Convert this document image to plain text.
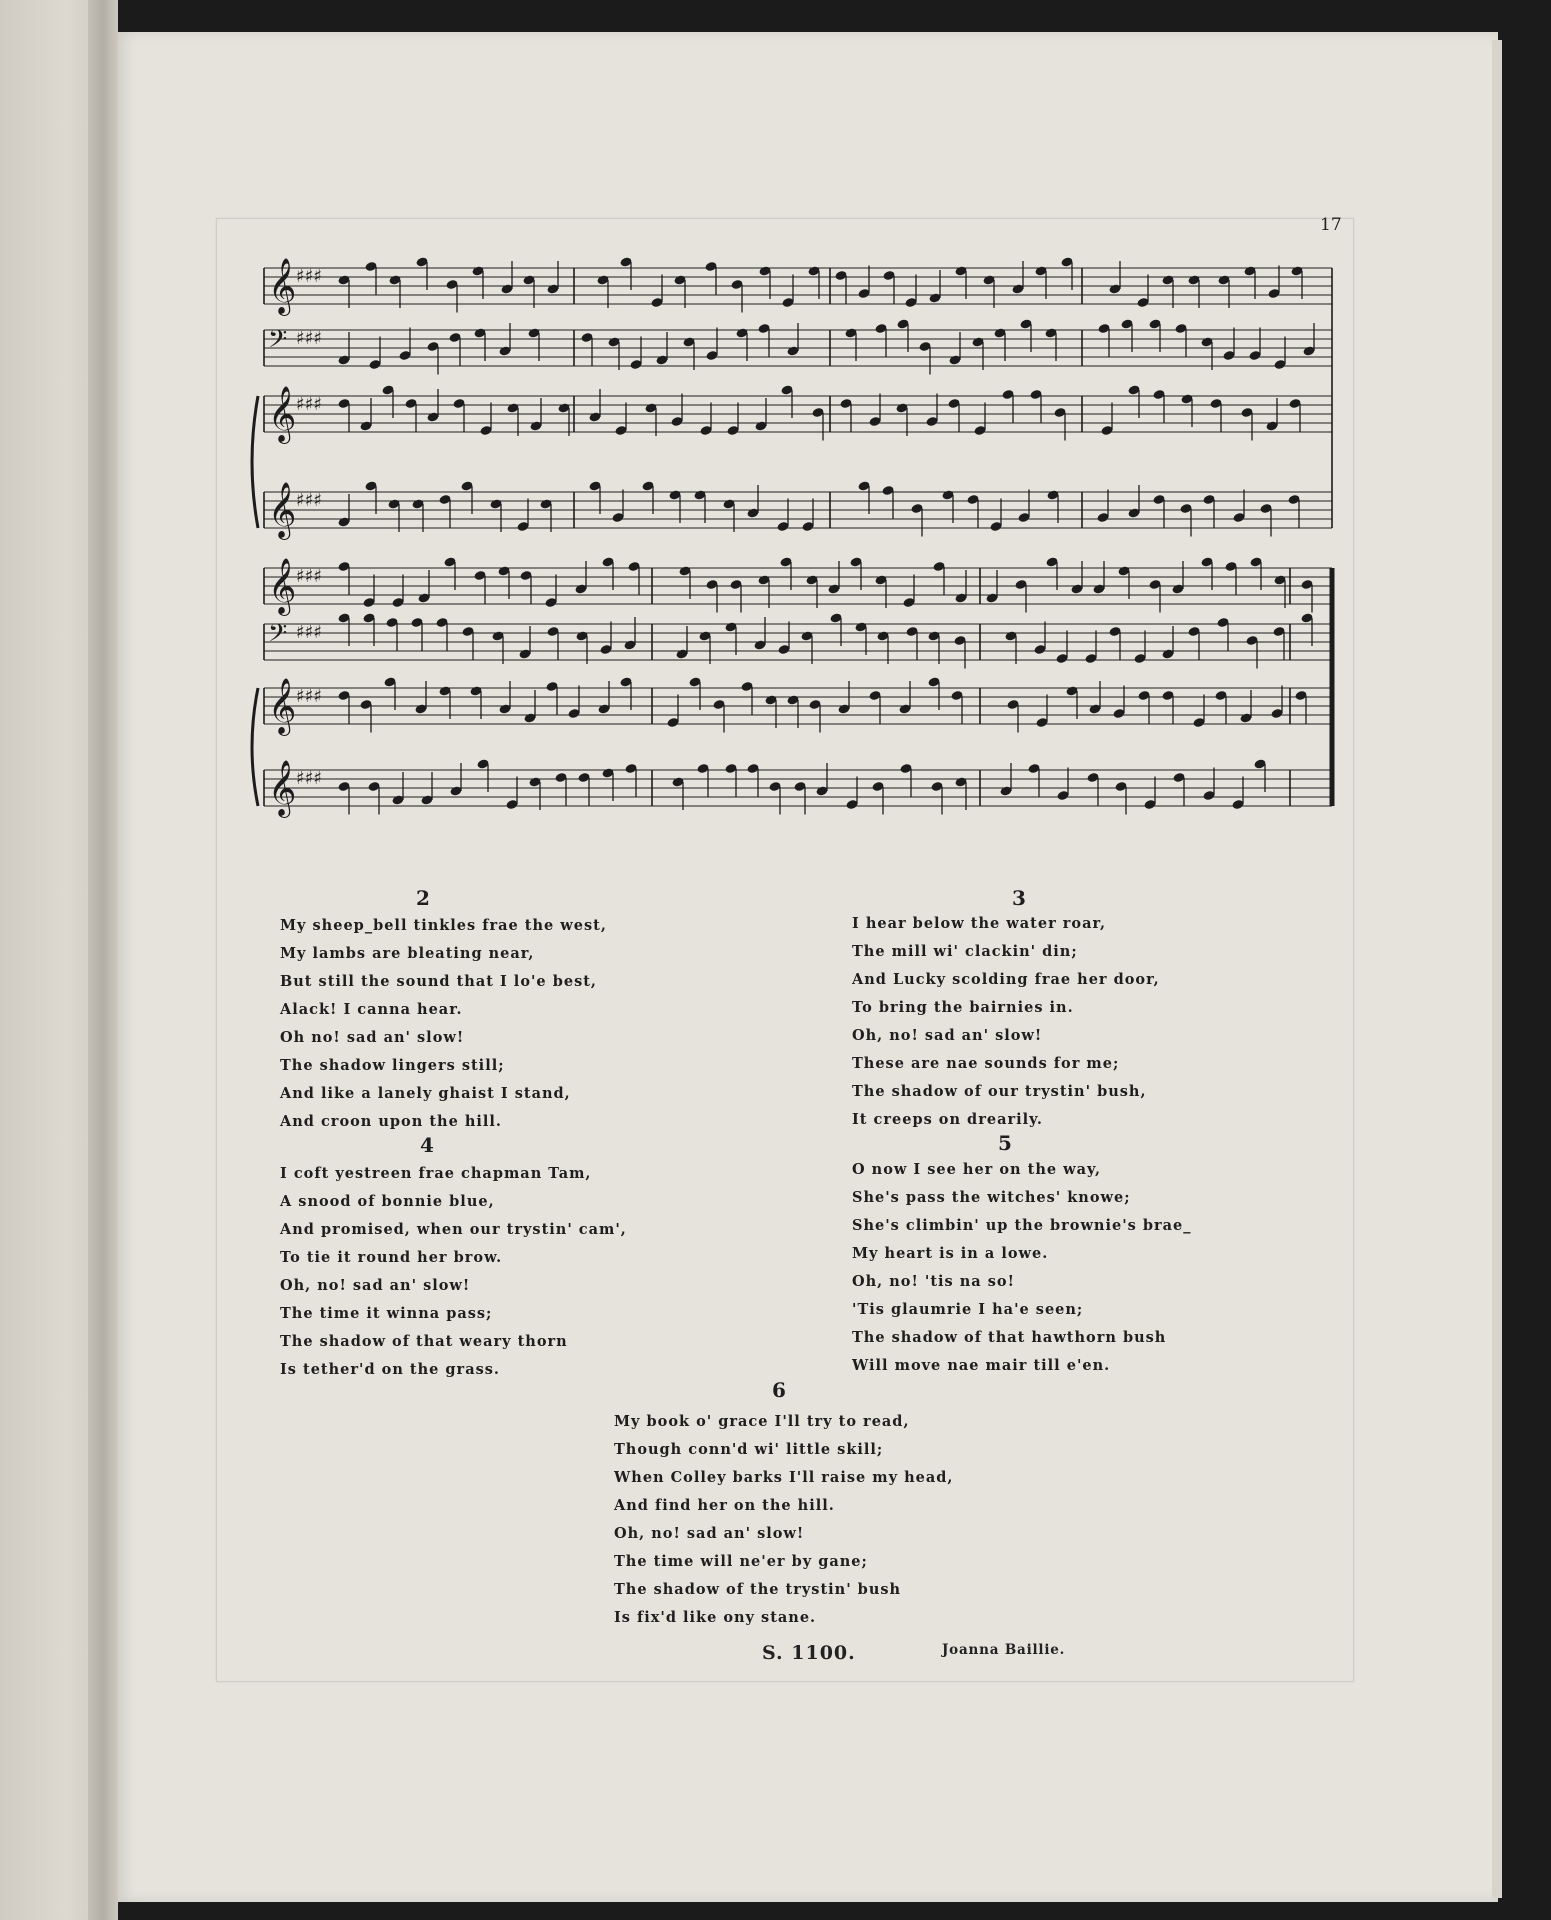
17
𝄞 ♯♯♯
𝄢 ♯♯♯
𝄞 ♯♯♯
𝄞 ♯♯♯
𝄞 ♯♯♯
𝄢 ♯♯♯
𝄞 ♯♯♯
𝄞 ♯♯♯
2
My sheep_bell tinkles frae the west,
My lambs are bleating near,
But still the sound that I lo'e best,
Alack! I canna hear.
Oh no! sad an' slow!
The shadow lingers still;
And like a lanely ghaist I stand,
And croon upon the hill.
3
I hear below the water roar,
The mill wi' clackin' din;
And Lucky scolding frae her door,
To bring the bairnies in.
Oh, no! sad an' slow!
These are nae sounds for me;
The shadow of our trystin' bush,
It creeps on drearily.
4
I coft yestreen frae chapman Tam,
A snood of bonnie blue,
And promised, when our trystin' cam',
To tie it round her brow.
Oh, no! sad an' slow!
The time it winna pass;
The shadow of that weary thorn
Is tether'd on the grass.
5
O now I see her on the way,
She's pass the witches' knowe;
She's climbin' up the brownie's brae_
My heart is in a lowe.
Oh, no! 'tis na so!
'Tis glaumrie I ha'e seen;
The shadow of that hawthorn bush
Will move nae mair till e'en.
6
My book o' grace I'll try to read,
Though conn'd wi' little skill;
When Colley barks I'll raise my head,
And find her on the hill.
Oh, no! sad an' slow!
The time will ne'er by gane;
The shadow of the trystin' bush
Is fix'd like ony stane.
S. 1100.	Joanna Baillie.
